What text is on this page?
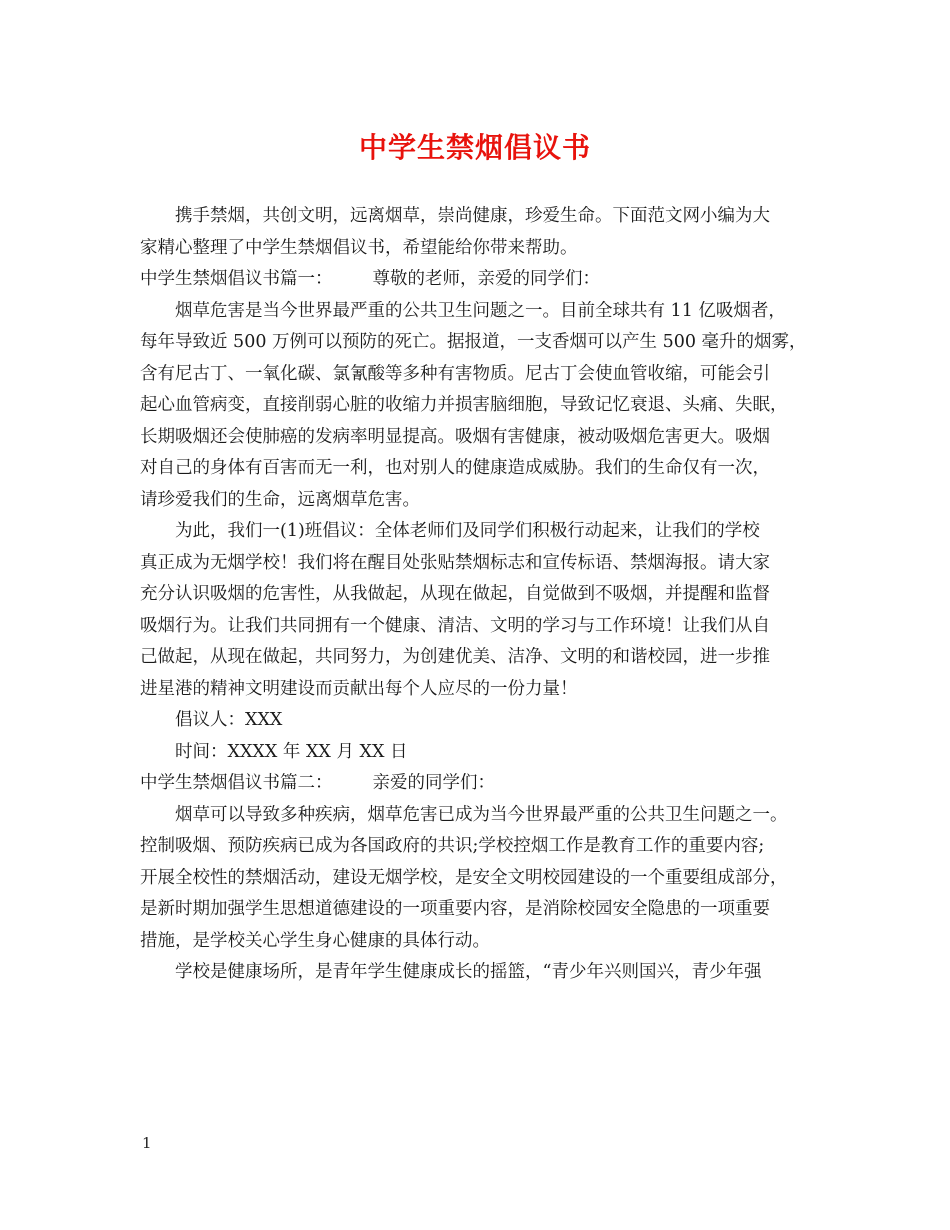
中学生禁烟倡议书

携手禁烟，共创文明，远离烟草，崇尚健康，珍爱生命。下面范文网小编为大
家精心整理了中学生禁烟倡议书，希望能给你带来帮助。

中学生禁烟倡议书篇一： 尊敬的老师，亲爱的同学们：

烟草危害是当今世界最严重的公共卫生问题之一。目前全球共有 11 亿吸烟者，
每年导致近 500 万例可以预防的死亡。据报道，一支香烟可以产生 500 毫升的烟雾，
含有尼古丁、一氧化碳、氯氰酸等多种有害物质。尼古丁会使血管收缩，可能会引
起心血管病变，直接削弱心脏的收缩力并损害脑细胞，导致记忆衰退、头痛、失眠，
长期吸烟还会使肺癌的发病率明显提高。吸烟有害健康，被动吸烟危害更大。吸烟
对自己的身体有百害而无一利，也对别人的健康造成威胁。我们的生命仅有一次，
请珍爱我们的生命，远离烟草危害。

为此，我们一(1)班倡议：全体老师们及同学们积极行动起来，让我们的学校
真正成为无烟学校！我们将在醒目处张贴禁烟标志和宣传标语、禁烟海报。请大家
充分认识吸烟的危害性，从我做起，从现在做起，自觉做到不吸烟，并提醒和监督
吸烟行为。让我们共同拥有一个健康、清洁、文明的学习与工作环境！让我们从自
己做起，从现在做起，共同努力，为创建优美、洁净、文明的和谐校园，进一步推
进星港的精神文明建设而贡献出每个人应尽的一份力量！

倡议人：XXX

时间：XXXX 年 XX 月 XX 日

中学生禁烟倡议书篇二： 亲爱的同学们：

烟草可以导致多种疾病，烟草危害已成为当今世界最严重的公共卫生问题之一。
控制吸烟、预防疾病已成为各国政府的共识;学校控烟工作是教育工作的重要内容;
开展全校性的禁烟活动，建设无烟学校，是安全文明校园建设的一个重要组成部分，
是新时期加强学生思想道德建设的一项重要内容，是消除校园安全隐患的一项重要
措施，是学校关心学生身心健康的具体行动。

学校是健康场所，是青年学生健康成长的摇篮，“青少年兴则国兴，青少年强

1
